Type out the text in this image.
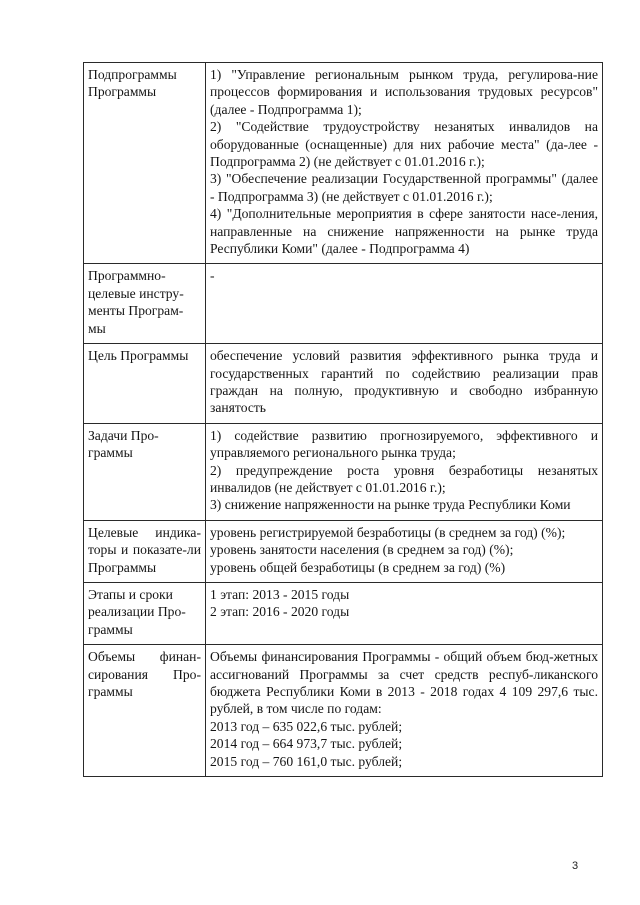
Подпрограммы Программы	1) "Управление региональным рынком труда, регулирова-ние процессов формирования и использования трудовых ресурсов" (далее - Подпрограмма 1);
2) "Содействие трудоустройству незанятых инвалидов на оборудованные (оснащенные) для них рабочие места" (да-лее - Подпрограмма 2) (не действует с 01.01.2016 г.);
3) "Обеспечение реализации Государственной программы" (далее - Подпрограмма 3) (не действует с 01.01.2016 г.);
4) "Дополнительные мероприятия в сфере занятости насе-ления, направленные на снижение напряженности на рынке труда Республики Коми" (далее - Подпрограмма 4)

Программно-целевые инстру-менты Програм-мы	-

Цель Программы	обеспечение условий развития эффективного рынка труда и государственных гарантий по содействию реализации прав граждан на полную, продуктивную и свободно избранную занятость

Задачи Про-граммы	1) содействие развитию прогнозируемого, эффективного и управляемого регионального рынка труда;
2) предупреждение роста уровня безработицы незанятых инвалидов (не действует с 01.01.2016 г.);
3) снижение напряженности на рынке труда Республики Коми

Целевые индика-торы и показате-ли Программы	уровень регистрируемой безработицы (в среднем за год) (%);
уровень занятости населения (в среднем за год) (%);
уровень общей безработицы (в среднем за год) (%)

Этапы и сроки реализации Про-граммы	1 этап: 2013 - 2015 годы
2 этап: 2016 - 2020 годы

Объемы финан-сирования Про-граммы	Объемы финансирования Программы - общий объем бюд-жетных ассигнований Программы за счет средств респуб-ликанского бюджета Республики Коми в 2013 - 2018 годах 4 109 297,6 тыс. рублей, в том числе по годам:
2013 год – 635 022,6 тыс. рублей;
2014 год – 664 973,7 тыс. рублей;
2015 год – 760 161,0 тыс. рублей;
3
